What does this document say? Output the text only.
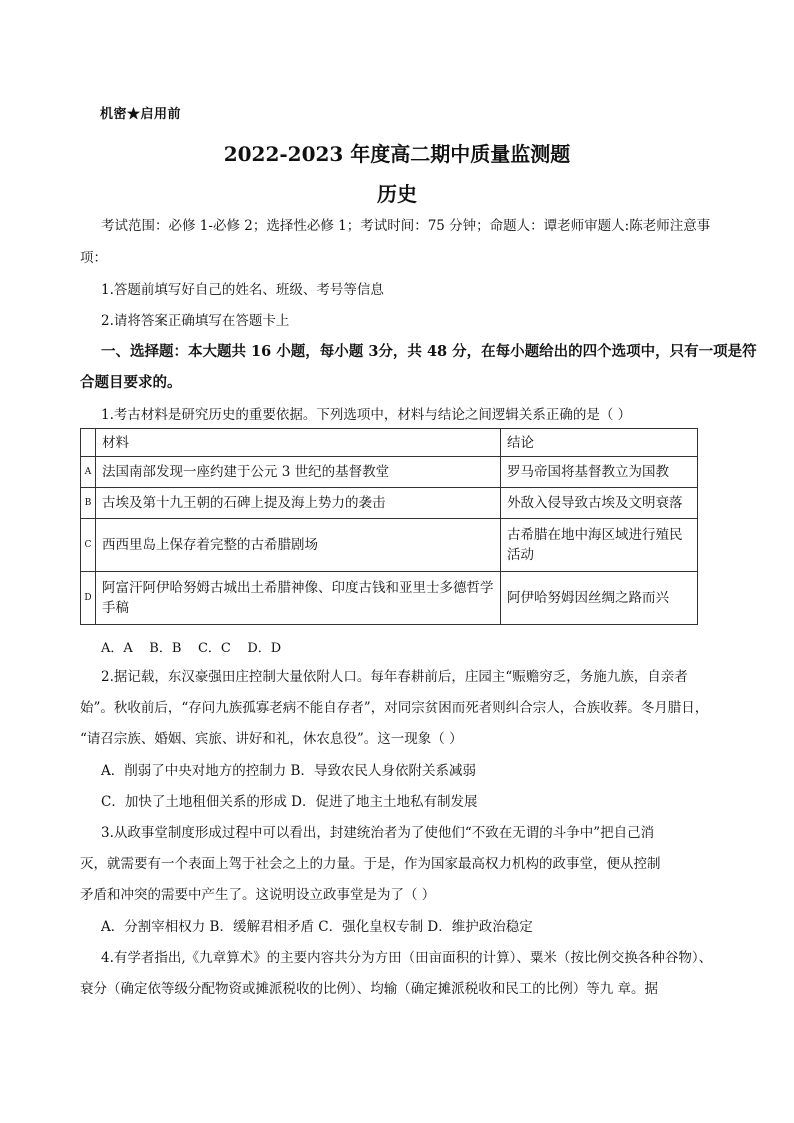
机密★启用前
2022-2023 年度高二期中质量监测题
历史
考试范围：必修 1-必修 2；选择性必修 1；考试时间：75 分钟；命题人：谭老师审题人:陈老师注意事
项：
1.答题前填写好自己的姓名、班级、考号等信息
2.请将答案正确填写在答题卡上
一、选择题：本大题共 16 小题，每小题 3分，共 48 分，在每小题给出的四个选项中，只有一项是符
合题目要求的。
1.考古材料是研究历史的重要依据。下列选项中，材料与结论之间逻辑关系正确的是（ ）
	材料	结论
A	法国南部发现一座约建于公元 3 世纪的基督教堂	罗马帝国将基督教立为国教
B	古埃及第十九王朝的石碑上提及海上势力的袭击	外敌入侵导致古埃及文明衰落
C	西西里岛上保存着完整的古希腊剧场	古希腊在地中海区域进行殖民活动
D	阿富汗阿伊哈努姆古城出土希腊神像、印度古钱和亚里士多德哲学手稿	阿伊哈努姆因丝绸之路而兴
A．A    B．B    C．C    D．D
2.据记载，东汉豪强田庄控制大量依附人口。每年春耕前后，庄园主“赈赡穷乏，务施九族，自亲者
始”。秋收前后，“存问九族孤寡老病不能自存者”，对同宗贫困而死者则纠合宗人，合族收葬。冬月腊日，
“请召宗族、婚姻、宾旅、讲好和礼，休农息役”。这一现象（ ）
A．削弱了中央对地方的控制力 B．导致农民人身依附关系减弱
C．加快了土地租佃关系的形成 D．促进了地主土地私有制发展
3.从政事堂制度形成过程中可以看出，封建统治者为了使他们“不致在无谓的斗争中”把自己消
灭，就需要有一个表面上驾于社会之上的力量。于是，作为国家最高权力机构的政事堂，便从控制
矛盾和冲突的需要中产生了。这说明设立政事堂是为了（ ）
A．分割宰相权力 B．缓解君相矛盾 C．强化皇权专制 D．维护政治稳定
4.有学者指出,《九章算术》的主要内容共分为方田（田亩面积的计算）、粟米（按比例交换各种谷物）、
衰分（确定依等级分配物资或摊派税收的比例）、均输（确定摊派税收和民工的比例）等九 章。据
